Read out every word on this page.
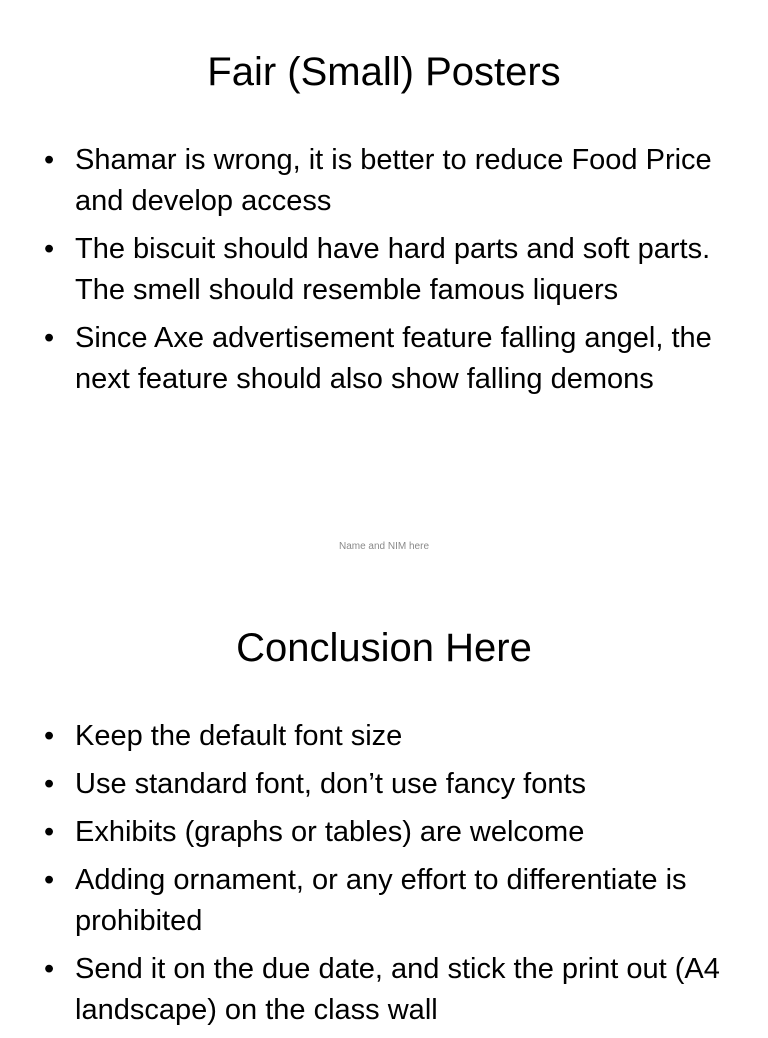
Fair (Small) Posters
• Shamar is wrong, it is better to reduce Food Price and develop access
• The biscuit should have hard parts and soft parts. The smell should resemble famous liquers
• Since Axe advertisement feature falling angel, the next feature should also show falling demons
Name and NIM here
Conclusion Here
• Keep the default font size
• Use standard font, don’t use fancy fonts
• Exhibits (graphs or tables) are welcome
• Adding ornament, or any effort to differentiate is prohibited
• Send it on the due date, and stick the print out (A4 landscape) on the class wall
